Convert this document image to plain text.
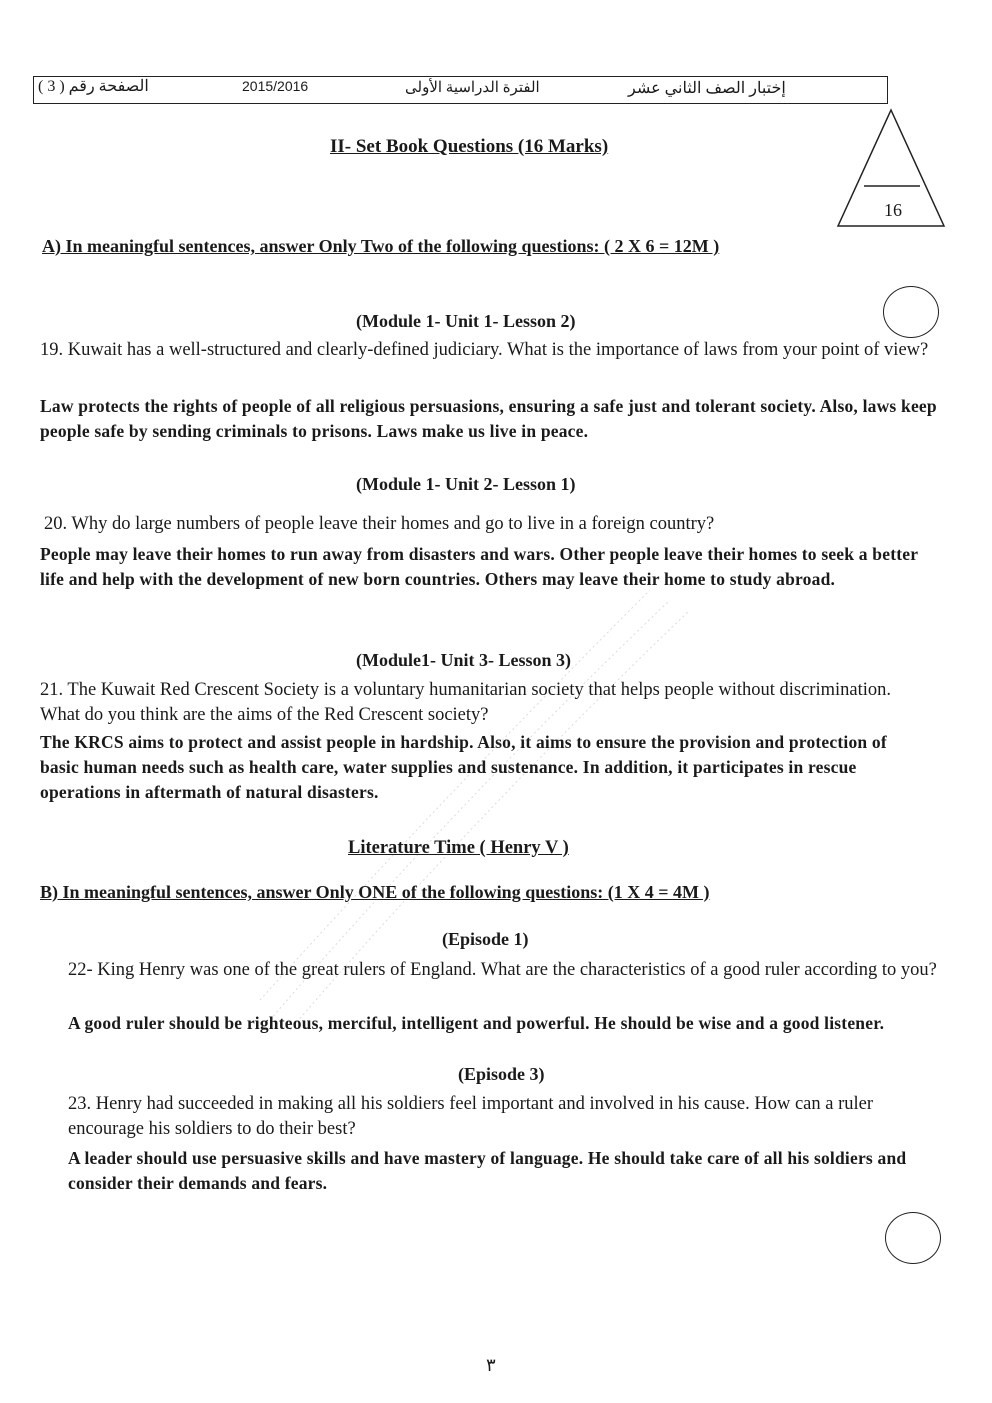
الصفحة رقم ( 3 )	2015/2016	الفترة الدراسية الأولى	إختبار الصف الثاني عشر
16
II- Set Book Questions (16 Marks)
A) In meaningful sentences, answer Only Two of the following questions: ( 2 X 6 = 12M )
(Module 1- Unit 1- Lesson 2)
19. Kuwait has a well-structured and clearly-defined judiciary. What is the importance of laws from your point of view?
Law protects the rights of people of all religious persuasions, ensuring a safe just and tolerant society. Also, laws keep people safe by sending criminals to prisons. Laws make us live in peace.
(Module 1- Unit 2- Lesson 1)
20. Why do large numbers of people leave their homes and go to live in a foreign country?
People may leave their homes to run away from disasters and wars. Other people leave their homes to seek a better life and help with the development of new born countries. Others may leave their home to study abroad.
(Module1- Unit 3- Lesson 3)
21. The Kuwait Red Crescent Society is a voluntary humanitarian society that helps people without discrimination. What do you think are the aims of the Red Crescent society?
The KRCS aims to protect and assist people in hardship. Also, it aims to ensure the provision and protection of basic human needs such as health care, water supplies and sustenance. In addition, it participates in rescue operations in aftermath of natural disasters.
Literature Time ( Henry V )
B) In meaningful sentences, answer Only ONE of the following questions: (1 X 4 = 4M )
(Episode 1)
22- King Henry was one of the great rulers of England. What are the characteristics of a good ruler according to you?
A good ruler should be righteous, merciful, intelligent and powerful. He should be wise and a good listener.
(Episode 3)
23. Henry had succeeded in making all his soldiers feel important and involved in his cause. How can a ruler encourage his soldiers to do their best?
A leader should use persuasive skills and have mastery of language. He should take care of all his soldiers and consider their demands and fears.
٣
